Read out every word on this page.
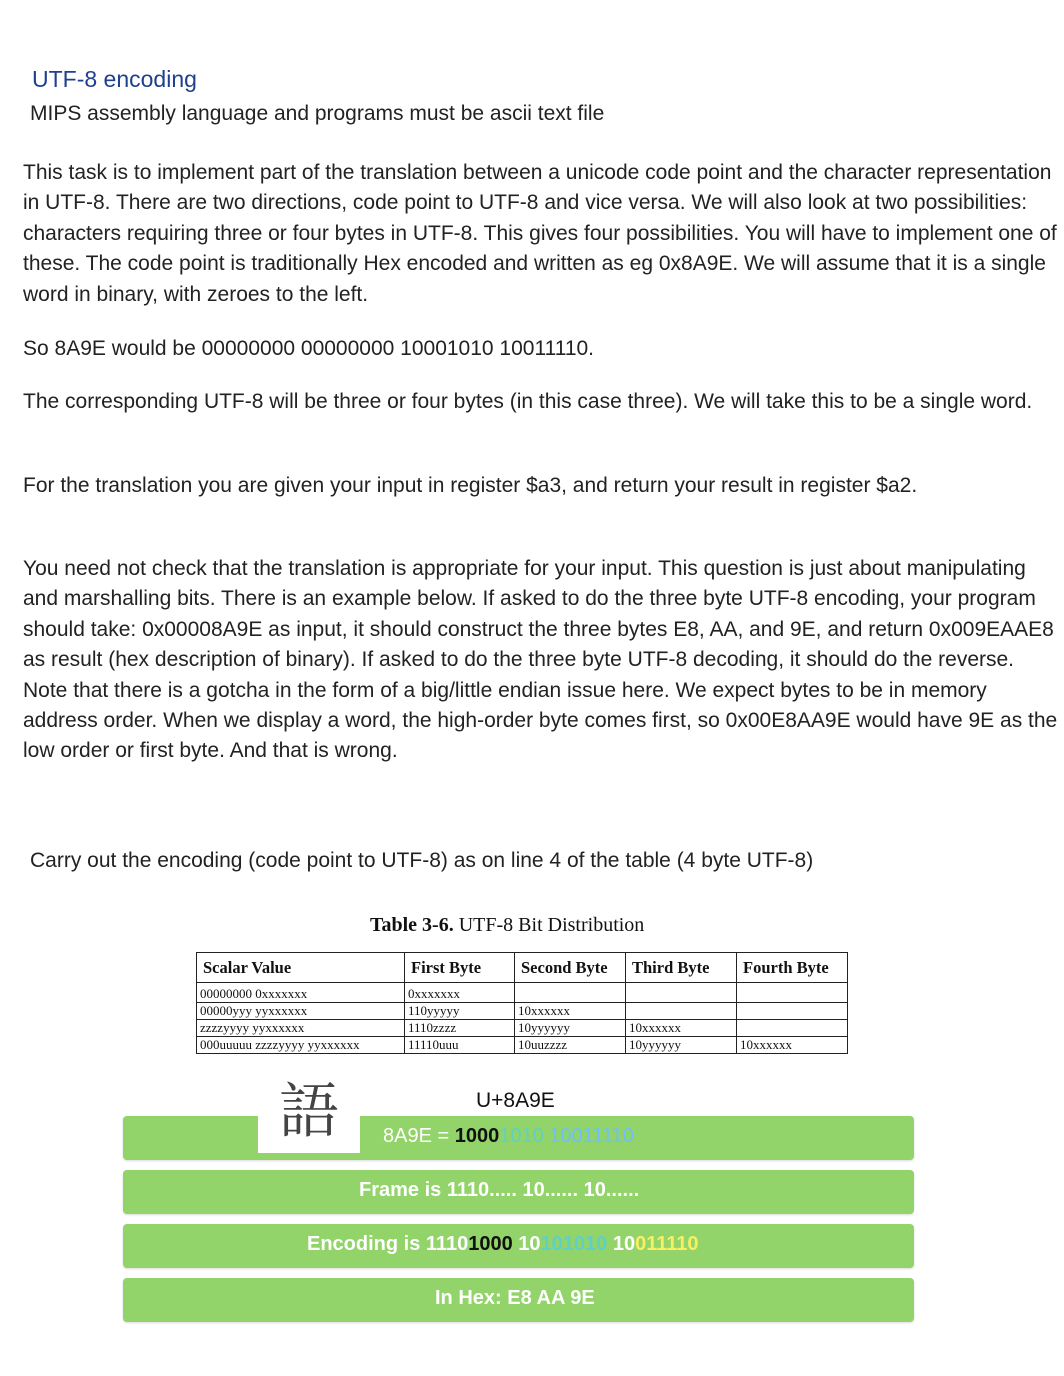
UTF-8 encoding
MIPS assembly language and programs must be ascii text file

This task is to implement part of the translation between a unicode code point and the character representation in UTF-8. There are two directions, code point to UTF-8 and vice versa. We will also look at two possibilities: characters requiring three or four bytes in UTF-8. This gives four possibilities. You will have to implement one of these. The code point is traditionally Hex encoded and written as eg 0x8A9E. We will assume that it is a single word in binary, with zeroes to the left.

So 8A9E would be 00000000 00000000 10001010 10011110.

The corresponding UTF-8 will be three or four bytes (in this case three). We will take this to be a single word.

For the translation you are given your input in register $a3, and return your result in register $a2.

You need not check that the translation is appropriate for your input. This question is just about manipulating and marshalling bits. There is an example below. If asked to do the three byte UTF-8 encoding, your program should take: 0x00008A9E as input, it should construct the three bytes E8, AA, and 9E, and return 0x009EAAE8 as result (hex description of binary). If asked to do the three byte UTF-8 decoding, it should do the reverse. Note that there is a gotcha in the form of a big/little endian issue here. We expect bytes to be in memory address order. When we display a word, the high-order byte comes first, so 0x00E8AA9E would have 9E as the low order or first byte. And that is wrong.

Carry out the encoding (code point to UTF-8) as on line 4 of the table (4 byte UTF-8)
Table 3-6. UTF-8 Bit Distribution
Scalar Value	First Byte	Second Byte	Third Byte	Fourth Byte
00000000 0xxxxxxx	0xxxxxxx			
00000yyy yyxxxxxx	110yyyyy	10xxxxxx		
zzzzyyyy yyxxxxxx	1110zzzz	10yyyyyy	10xxxxxx	
000uuuuu zzzzyyyy yyxxxxxx	11110uuu	10uuzzzz	10yyyyyy	10xxxxxx
語	U+8A9E
8A9E = 10001010 10011110
Frame is 1110..... 10...... 10......
Encoding is 11101000 10101010 10011110
In Hex: E8 AA 9E
